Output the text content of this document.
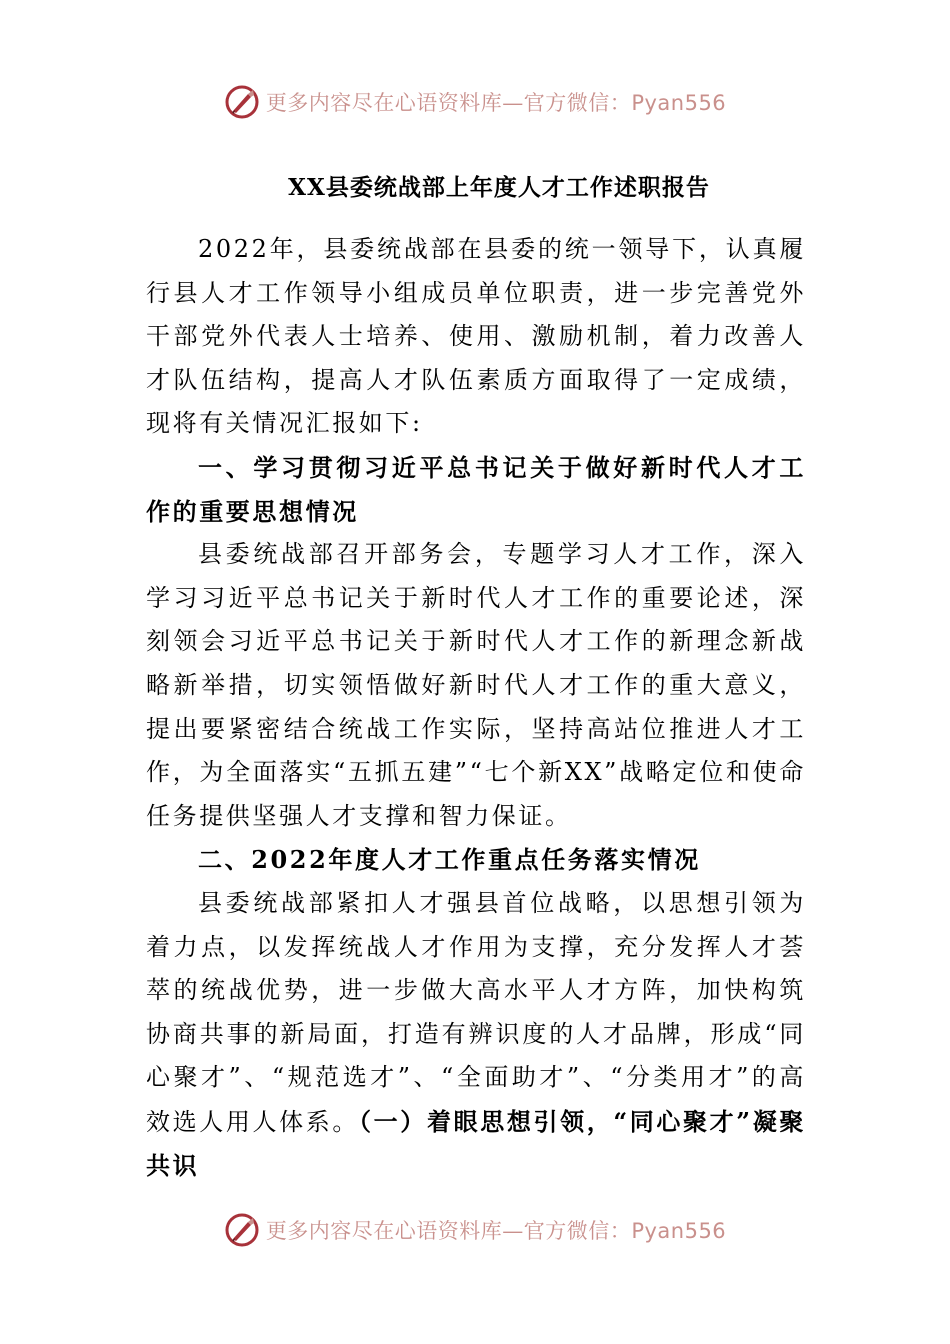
更多内容尽在心语资料库—官方微信：Pyan556
XX县委统战部上年度人才工作述职报告

2022年，县委统战部在县委的统一领导下，认真履行县人才工作领导小组成员单位职责，进一步完善党外干部党外代表人士培养、使用、激励机制，着力改善人才队伍结构，提高人才队伍素质方面取得了一定成绩，现将有关情况汇报如下:

一、学习贯彻习近平总书记关于做好新时代人才工作的重要思想情况

县委统战部召开部务会，专题学习人才工作，深入学习习近平总书记关于新时代人才工作的重要论述，深刻领会习近平总书记关于新时代人才工作的新理念新战略新举措，切实领悟做好新时代人才工作的重大意义，提出要紧密结合统战工作实际，坚持高站位推进人才工作，为全面落实“五抓五建”“七个新XX”战略定位和使命任务提供坚强人才支撑和智力保证。

二、2022年度人才工作重点任务落实情况

县委统战部紧扣人才强县首位战略，以思想引领为着力点，以发挥统战人才作用为支撑，充分发挥人才荟萃的统战优势，进一步做大高水平人才方阵，加快构筑协商共事的新局面，打造有辨识度的人才品牌，形成“同心聚才”、“规范选才”、“全面助才”、“分类用才”的高效选人用人体系。（一）着眼思想引领，“同心聚才”凝聚共识

更多内容尽在心语资料库—官方微信：Pyan556
